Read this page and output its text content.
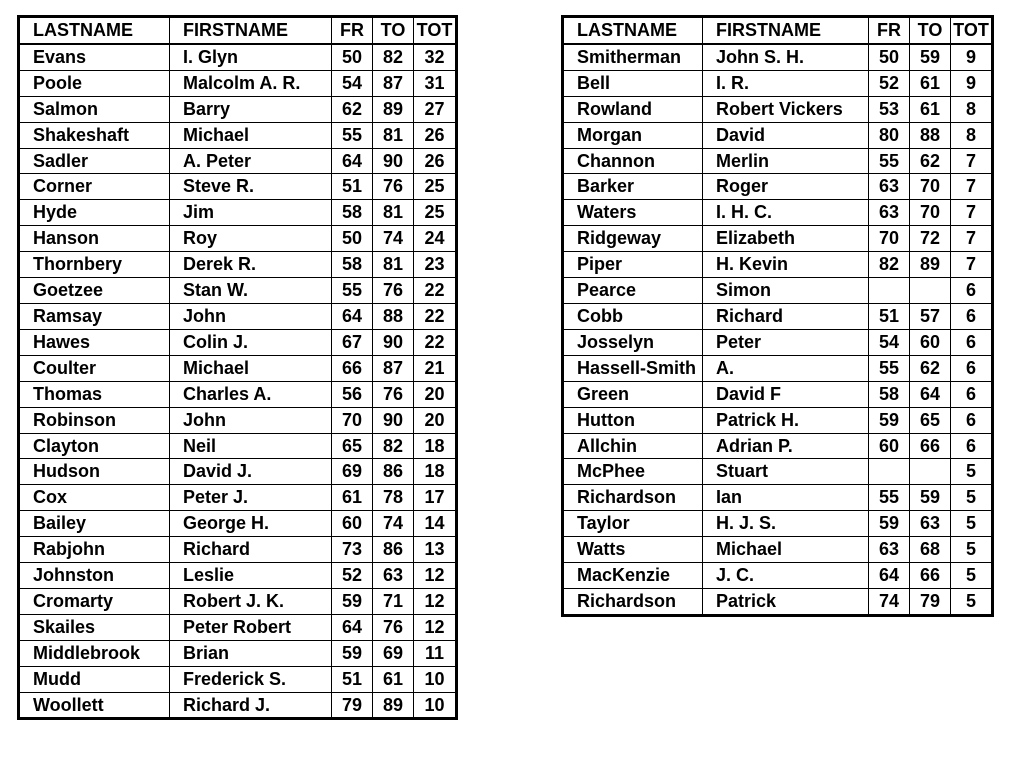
LASTNAME	FIRSTNAME	FR	TO	TOT
Evans	I. Glyn	50	82	32
Poole	Malcolm A. R.	54	87	31
Salmon	Barry	62	89	27
Shakeshaft	Michael	55	81	26
Sadler	A. Peter	64	90	26
Corner	Steve R.	51	76	25
Hyde	Jim	58	81	25
Hanson	Roy	50	74	24
Thornbery	Derek R.	58	81	23
Goetzee	Stan W.	55	76	22
Ramsay	John	64	88	22
Hawes	Colin J.	67	90	22
Coulter	Michael	66	87	21
Thomas	Charles A.	56	76	20
Robinson	John	70	90	20
Clayton	Neil	65	82	18
Hudson	David J.	69	86	18
Cox	Peter J.	61	78	17
Bailey	George H.	60	74	14
Rabjohn	Richard	73	86	13
Johnston	Leslie	52	63	12
Cromarty	Robert J. K.	59	71	12
Skailes	Peter Robert	64	76	12
Middlebrook	Brian	59	69	11
Mudd	Frederick S.	51	61	10
Woollett	Richard J.	79	89	10
LASTNAME	FIRSTNAME	FR	TO	TOT
Smitherman	John S. H.	50	59	9
Bell	I. R.	52	61	9
Rowland	Robert Vickers	53	61	8
Morgan	David	80	88	8
Channon	Merlin	55	62	7
Barker	Roger	63	70	7
Waters	I. H. C.	63	70	7
Ridgeway	Elizabeth	70	72	7
Piper	H. Kevin	82	89	7
Pearce	Simon			6
Cobb	Richard	51	57	6
Josselyn	Peter	54	60	6
Hassell-Smith	A.	55	62	6
Green	David F	58	64	6
Hutton	Patrick H.	59	65	6
Allchin	Adrian P.	60	66	6
McPhee	Stuart			5
Richardson	Ian	55	59	5
Taylor	H. J. S.	59	63	5
Watts	Michael	63	68	5
MacKenzie	J. C.	64	66	5
Richardson	Patrick	74	79	5
